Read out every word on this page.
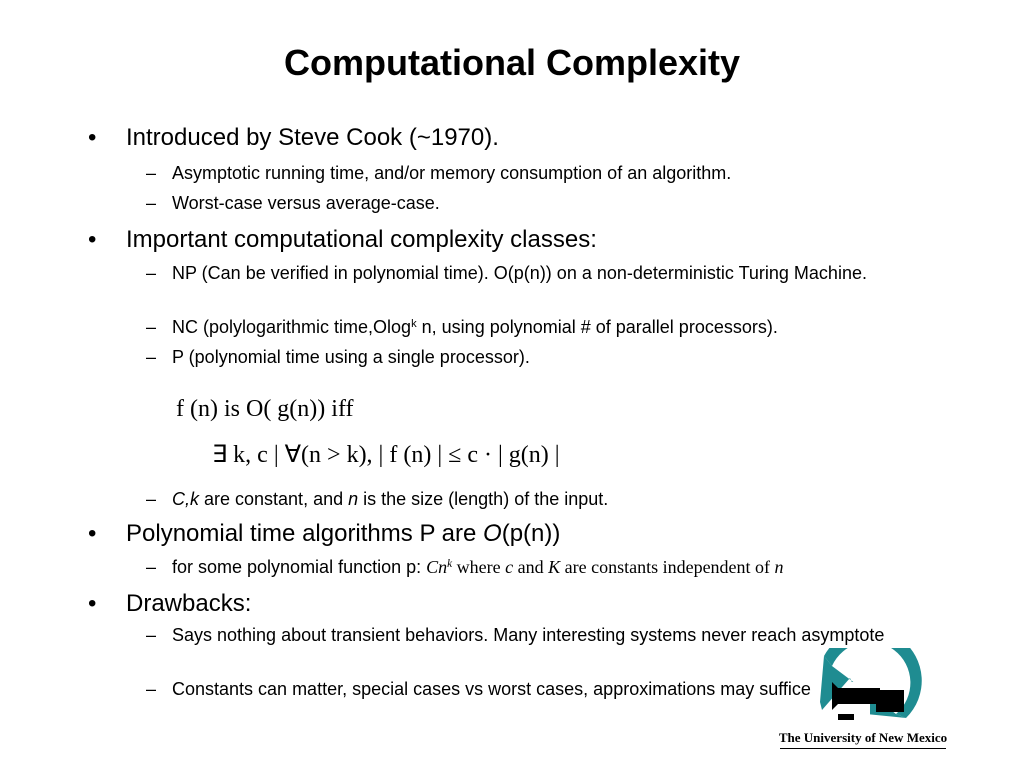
Computational Complexity
•	Introduced by Steve Cook (~1970).
– Asymptotic running time, and/or memory consumption of an algorithm.
– Worst-case versus average-case.
•	Important computational complexity classes:
– NP (Can be verified in polynomial time). O(p(n)) on a non-deterministic Turing Machine.
– NC (polylogarithmic time,Olog$^k$ n, using polynomial # of parallel processors).
– P (polynomial time using a single processor).
f (n) is O( g(n)) iff
∃ k, c | ∀(n > k), | f (n) | ≤ c · | g(n) |
– C,k are constant, and n is the size (length) of the input.
•	Polynomial time algorithms P are O(p(n))
– for some polynomial function p: Cn$^k$ where c and K are constants independent of n
•	Drawbacks:
The University of New Mexico
– Says nothing about transient behaviors. Many interesting systems never reach asymptote
– Constants can matter, special cases vs worst cases, approximations may suffice
